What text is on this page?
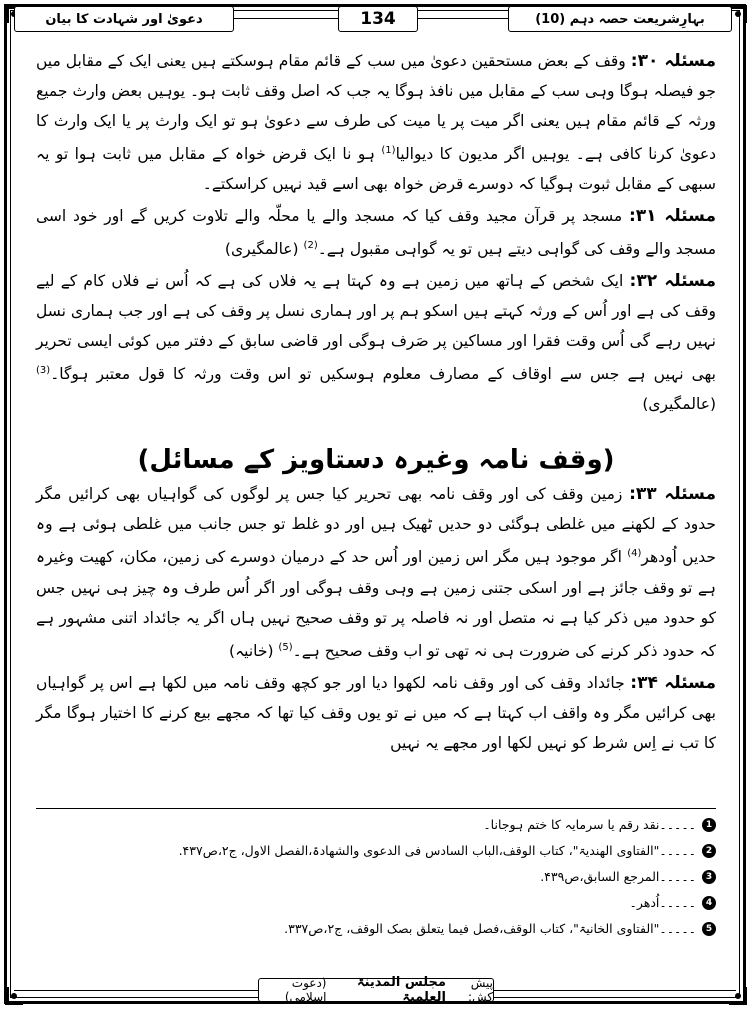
بہارِشریعت حصہ دہم (10)
134
دعویٰ اور شہادت کا بیان

مسئلہ ۳۰: وقف کے بعض مستحقین دعویٰ میں سب کے قائم مقام ہوسکتے ہیں یعنی ایک کے مقابل میں جو فیصلہ ہوگا وہی سب کے مقابل میں نافذ ہوگا یہ جب کہ اصل وقف ثابت ہو۔ یوہیں بعض وارث جمیع ورثہ کے قائم مقام ہیں یعنی اگر میت پر یا میت کی طرف سے دعویٰ ہو تو ایک وارث پر یا ایک وارث کا دعویٰ کرنا کافی ہے۔ یوہیں اگر مدیون کا دیوالیا$^{(1)}$ ہو نا ایک قرض خواہ کے مقابل میں ثابت ہوا تو یہ سبھی کے مقابل ثبوت ہوگیا کہ دوسرے قرض خواہ بھی اسے قید نہیں کراسکتے۔

مسئلہ ۳۱: مسجد پر قرآن مجید وقف کیا کہ مسجد والے یا محلّہ والے تلاوت کریں گے اور خود اسی مسجد والے وقف کی گواہی دیتے ہیں تو یہ گواہی مقبول ہے۔$^{(2)}$ (عالمگیری)

مسئلہ ۳۲: ایک شخص کے ہاتھ میں زمین ہے وہ کہتا ہے یہ فلاں کی ہے کہ اُس نے فلاں کام کے لیے وقف کی ہے اور اُس کے ورثہ کہتے ہیں اسکو ہم پر اور ہماری نسل پر وقف کی ہے اور جب ہماری نسل نہیں رہے گی اُس وقت فقرا اور مساکین پر صَرف ہوگی اور قاضی سابق کے دفتر میں کوئی ایسی تحریر بھی نہیں ہے جس سے اوقاف کے مصارف معلوم ہوسکیں تو اس وقت ورثہ کا قول معتبر ہوگا۔$^{(3)}$ (عالمگیری)

(وقف نامہ وغیرہ دستاویز کے مسائل)

مسئلہ ۳۳: زمین وقف کی اور وقف نامہ بھی تحریر کیا جس پر لوگوں کی گواہیاں بھی کرائیں مگر حدود کے لکھنے میں غلطی ہوگئی دو حدیں ٹھیک ہیں اور دو غلط تو جس جانب میں غلطی ہوئی ہے وہ حدیں اُودھر$^{(4)}$ اگر موجود ہیں مگر اس زمین اور اُس حد کے درمیان دوسرے کی زمین، مکان، کھیت وغیرہ ہے تو وقف جائز ہے اور اسکی جتنی زمین ہے وہی وقف ہوگی اور اگر اُس طرف وہ چیز ہی نہیں جس کو حدود میں ذکر کیا ہے نہ متصل اور نہ فاصلہ پر تو وقف صحیح نہیں ہاں اگر یہ جائداد اتنی مشہور ہے کہ حدود ذکر کرنے کی ضرورت ہی نہ تھی تو اب وقف صحیح ہے۔$^{(5)}$ (خانیہ)

مسئلہ ۳۴: جائداد وقف کی اور وقف نامہ لکھوا دیا اور جو کچھ وقف نامہ میں لکھا ہے اس پر گواہیاں بھی کرائیں مگر وہ واقف اب کہتا ہے کہ میں نے تو یوں وقف کیا تھا کہ مجھے بیع کرنے کا اختیار ہوگا مگر کا تب نے اِس شرط کو نہیں لکھا اور مجھے یہ نہیں

1
۔۔۔۔۔نقد رقم یا سرمایہ کا ختم ہوجانا۔
2
۔۔۔۔۔"الفتاوی الھندیۃ"، کتاب الوقف،الباب السادس فی الدعوی والشھادۃ،الفصل الاول، ج۲،ص۴۳۷.
3
۔۔۔۔۔المرجع السابق،ص۴۳۹.
4
۔۔۔۔۔اُدھر۔
5
۔۔۔۔۔"الفتاوی الخانیۃ"، کتاب الوقف،فصل فیما یتعلق بصک الوقف، ج۲،ص۳۳۷.
پیش کش:
مجلس المدینۃ العلمیۃ
(دعوت اسلامی)
